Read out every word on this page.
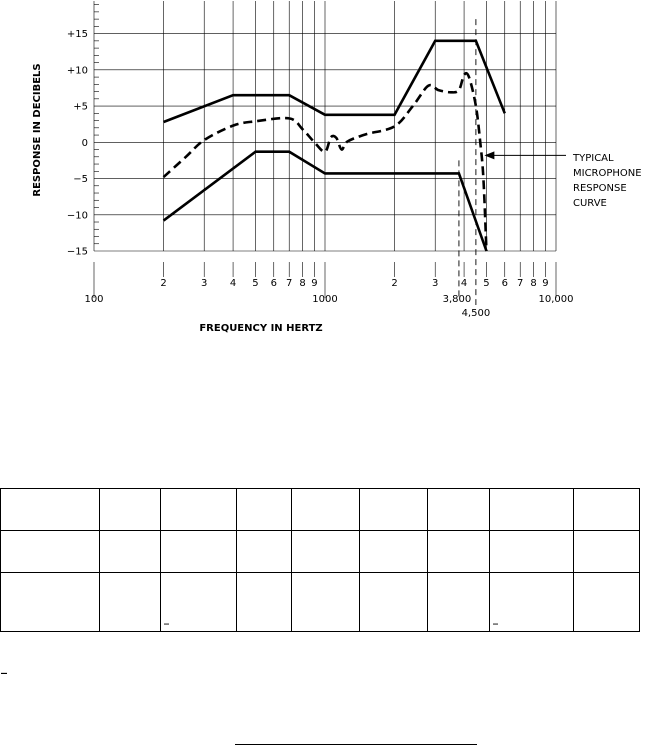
+15
+10
+5
0
−5
−10
−15
2	3 4 5 6 7 8 9	2	3 4 5 6 7 8 9
100	1000	10,000
3,800
4,500
FREQUENCY IN HERTZ
RESPONSE IN DECIBELS	TYPICAL
MICROPHONE
RESPONSE
CURVE

		_					_	

_
